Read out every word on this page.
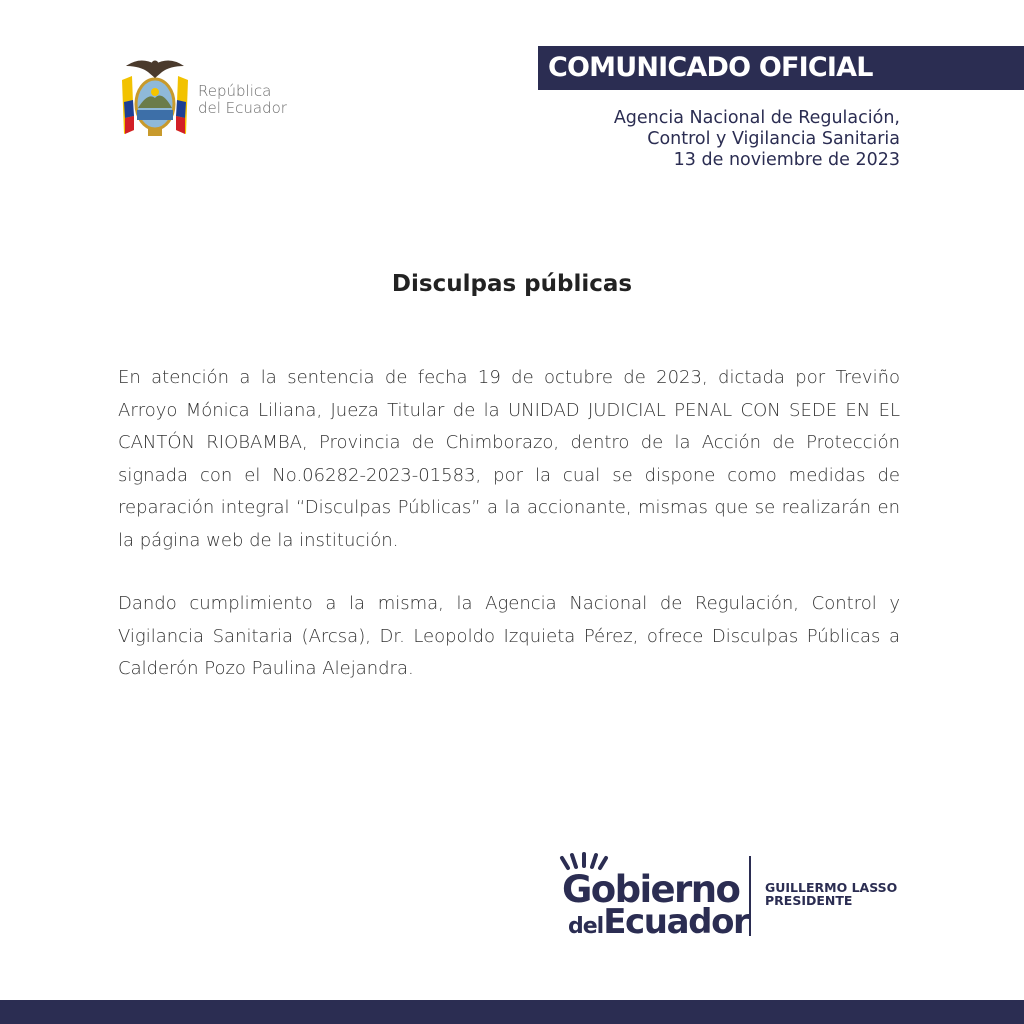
República
del Ecuador
COMUNICADO OFICIAL
Agencia Nacional de Regulación,
Control y Vigilancia Sanitaria
13 de noviembre de 2023
Disculpas públicas
En atención a la sentencia de fecha 19 de octubre de 2023, dictada por Treviño Arroyo Mónica Liliana, Jueza Titular de la UNIDAD JUDICIAL PENAL CON SEDE EN EL CANTÓN RIOBAMBA, Provincia de Chimborazo, dentro de la Acción de Protección signada con el No.06282-2023-01583, por la cual se dispone como medidas de reparación integral “Disculpas Públicas” a la accionante, mismas que se realizarán en la página web de la institución.
Dando cumplimiento a la misma, la Agencia Nacional de Regulación, Control y Vigilancia Sanitaria (Arcsa), Dr. Leopoldo Izquieta Pérez, ofrece Disculpas Públicas a Calderón Pozo Paulina Alejandra.
Gobierno
delEcuador
GUILLERMO LASSO
PRESIDENTE
